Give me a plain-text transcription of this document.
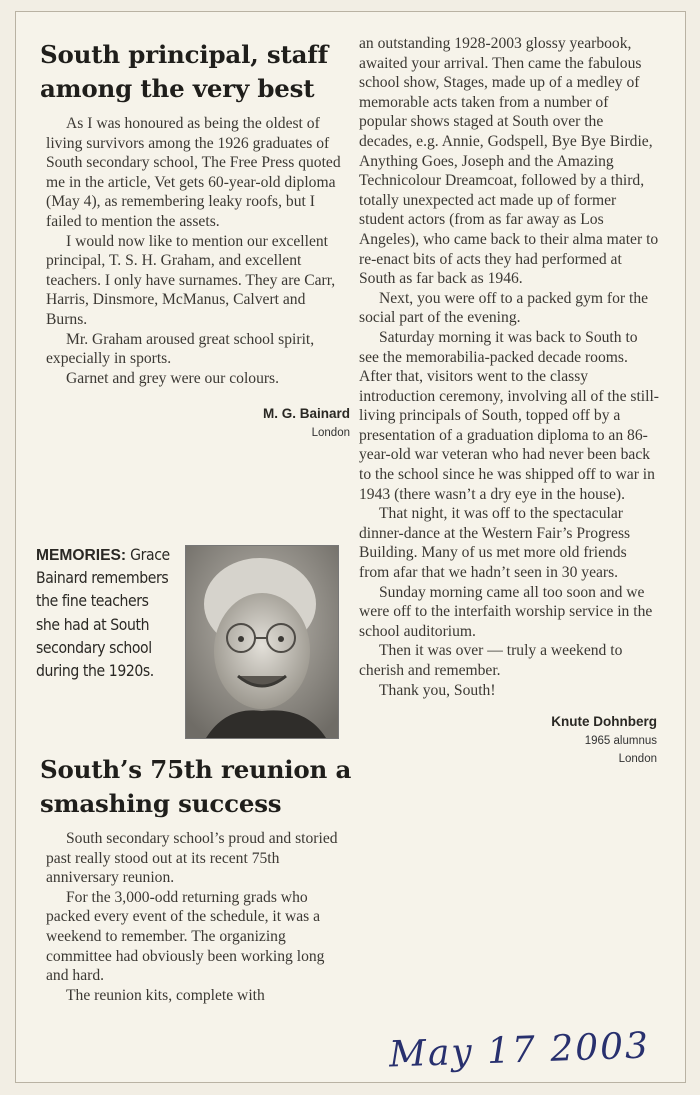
South principal, staff among the very best

As I was honoured as being the oldest of living survivors among the 1926 graduates of South secondary school, The Free Press quoted me in the article, Vet gets 60-year-old diploma (May 4), as remembering leaky roofs, but I failed to mention the assets.

I would now like to mention our excellent principal, T. S. H. Graham, and excellent teachers. I only have surnames. They are Carr, Harris, Dinsmore, McManus, Calvert and Burns.

Mr. Graham aroused great school spirit, expecially in sports.

Garnet and grey were our colours.

M. G. Bainard
London
MEMORIES: Grace Bainard remembers the fine teachers she had at South secondary school during the 1920s.
South’s 75th reunion a smashing success

South secondary school’s proud and storied past really stood out at its recent 75th anniversary reunion.

For the 3,000-odd returning grads who packed every event of the schedule, it was a weekend to remember. The organizing committee had obviously been working long and hard.

The reunion kits, complete with

an outstanding 1928-2003 glossy yearbook, awaited your arrival. Then came the fabulous school show, Stages, made up of a medley of memorable acts taken from a number of popular shows staged at South over the decades, e.g. Annie, Godspell, Bye Bye Birdie, Anything Goes, Joseph and the Amazing Technicolour Dreamcoat, followed by a third, totally unexpected act made up of former student actors (from as far away as Los Angeles), who came back to their alma mater to re-enact bits of acts they had performed at South as far back as 1946.

Next, you were off to a packed gym for the social part of the evening.

Saturday morning it was back to South to see the memorabilia-packed decade rooms. After that, visitors went to the classy introduction ceremony, involving all of the still-living principals of South, topped off by a presentation of a graduation diploma to an 86-year-old war veteran who had never been back to the school since he was shipped off to war in 1943 (there wasn’t a dry eye in the house).

That night, it was off to the spectacular dinner-dance at the Western Fair’s Progress Building. Many of us met more old friends from afar that we hadn’t seen in 30 years.

Sunday morning came all too soon and we were off to the interfaith worship service in the school auditorium.

Then it was over — truly a weekend to cherish and remember.

Thank you, South!

Knute Dohnberg
1965 alumnus
London
May 17 2003
